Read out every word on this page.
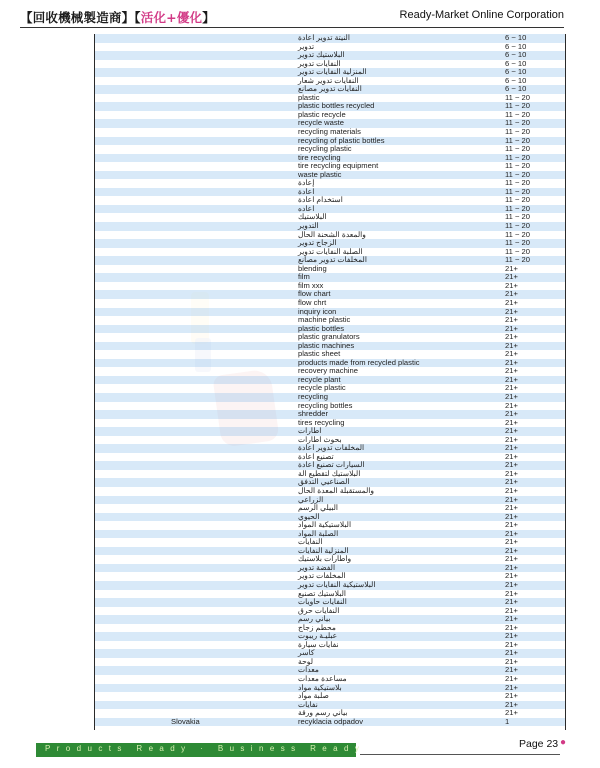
【回收機械製造商】【活化+優化】	Ready-Market Online Corporation
النيتة ت‍دوير اعادة	6 ~ 10
ت‍دوير	6 ~ 10
البلاست‍يك ت‍دوير	6 ~ 10
النفايات ت‍دوير	6 ~ 10
المنزل‍ية النفاي‍ات ت‍دوير	6 ~ 10
النفاي‍ات ت‍دوير شعار	6 ~ 10
النفايات ت‍دوير مصانع	6 ~ 10
plastic	11 ~ 20
plastic bottles recycled	11 ~ 20
plastic recycle	11 ~ 20
recycle waste	11 ~ 20
recycling materials	11 ~ 20
recycling of plastic bottles	11 ~ 20
recycling plastic	11 ~ 20
tire recycling	11 ~ 20
tire recycling equipment	11 ~ 20
waste plastic	11 ~ 20
إعادة	11 ~ 20
اعادة	11 ~ 20
اس‍تخدام اعادة	11 ~ 20
اعاده	11 ~ 20
البلاس‍‍‍‍‍تيك	11 ~ 20
الت‍دوير	11 ~ 20
والمعدة الشحنة الحال	11 ~ 20
الزجاج ت‍دوير	11 ~ 20
الص‍لبة النفاي‍ات ت‍دوير	11 ~ 20
المخلفات ت‍دوير مصانع	11 ~ 20
blending	21+
film	21+
film xxx	21+
flow chart	21+
flow chrt	21+
inquiry icon	21+
machine plastic	21+
plastic bottles	21+
plastic granulators	21+
plastic machines	21+
plastic sheet	21+
products made from recycled plastic	21+
recovery machine	21+
recycle plant	21+
recycle plastic	21+
recycling	21+
recycling bottles	21+
shredder	21+
tires recycling	21+
اطارات	21+
بحوث اطارات	21+
المخلف‍ات ت‍دوير اعادة	21+
تص‍‍نيع اعادة	21+
الس‍‍يارات تص‍‍نيع اعادة	21+
الب‍لاستيك لتقطيع الة	21+
الصناعي‍‍‍‍ي الت‍‍‍‍دفق	21+
والمستقبلة المعدة الحال	21+
الزراع‍ي	21+
البي‍‍‍‍‍لي الرسم	21+
الحيوي	21+
البلاس‍‍‍تيكية الم‍واد	21+
الص‍‍لبة المواد	21+
النفاي‍‍‍ات	21+
المنزل‍‍‍ية النفاي‍ات	21+
واطارات ب‍‍‍‍‍لاستيك	21+
الفضة ت‍دوير	21+
المخلف‍ات ت‍دوير	21+
البلاس‍‍‍‍‍‍تيكية النفاي‍‍ات ت‍‍دوير	21+
البلاس‍‍‍تيك تص‍‍‍نيع	21+
النفاي‍ات حاويات	21+
النفايات حرق	21+
ب‍‍‍‍‍‍ياني رسم	21+
محطم زجاج	21+
عبلي‍ـ‍‍‍‍‍ة ريبوت	21+
نفاي‍‍ات سيارة	21+
كاس‍‍‍ر	21+
لوحة	21+
معدات	21+
م‍‍‍‍‍‍‍ساعدة معدات	21+
بلاس‍‍‍‍‍‍تيكية مواد	21+
ص‍‍‍‍‍‍لبة مواد	21+
نفايات	21+
ب‍‍‍‍‍‍‍‍ياني رسم ورقة	21+
Slovakia	recyklacia odpadov	1
Products Ready · Business Ready	Page 23 ●
